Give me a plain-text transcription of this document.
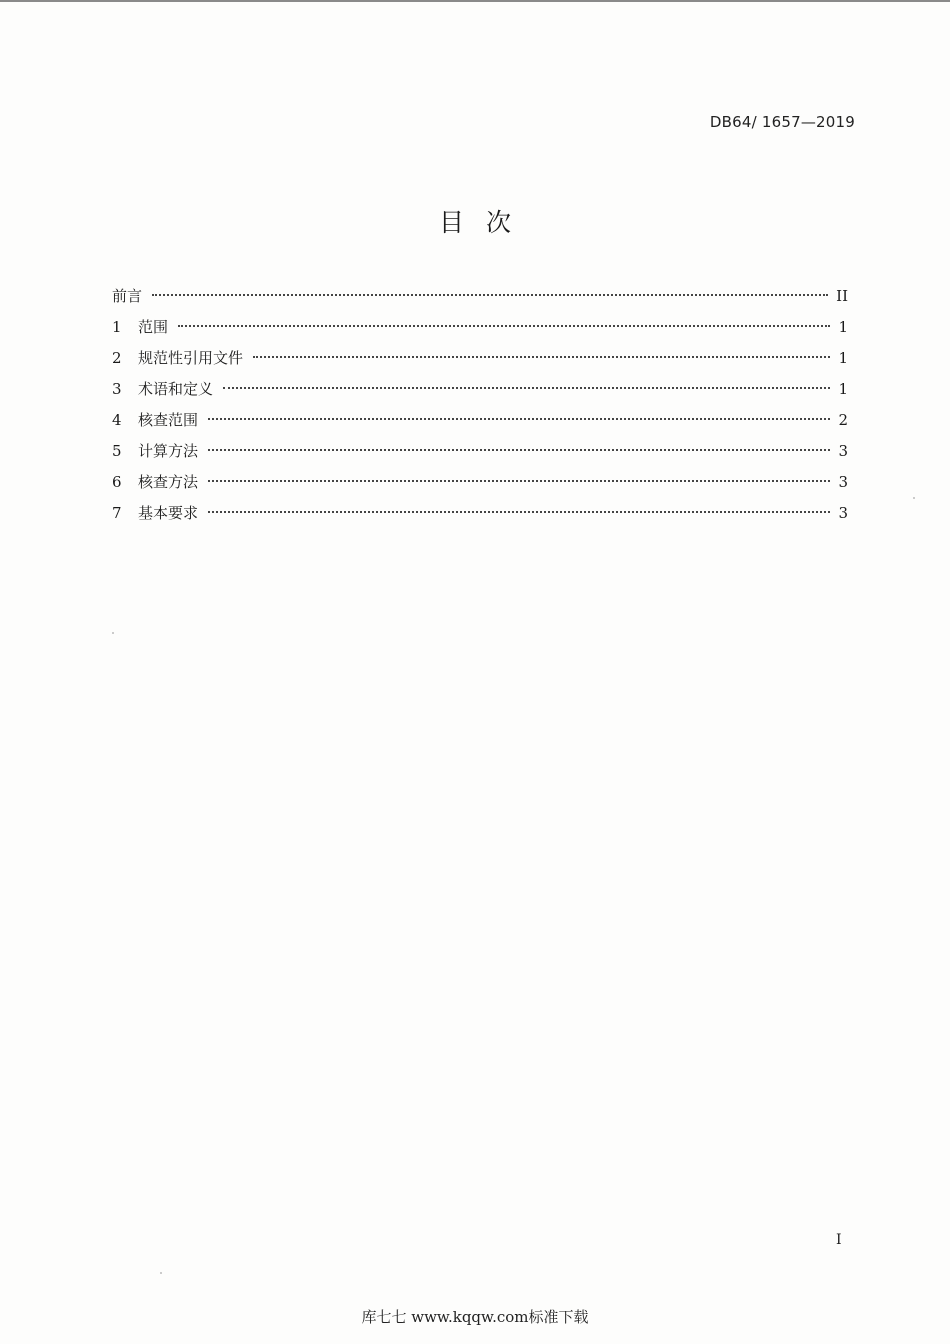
DB64/ 1657—2019
目次
前言	II
1	范围	1
2	规范性引用文件	1
3	术语和定义	1
4	核查范围	2
5	计算方法	3
6	核查方法	3
7	基本要求	3
I
库七七 www.kqqw.com标准下载
